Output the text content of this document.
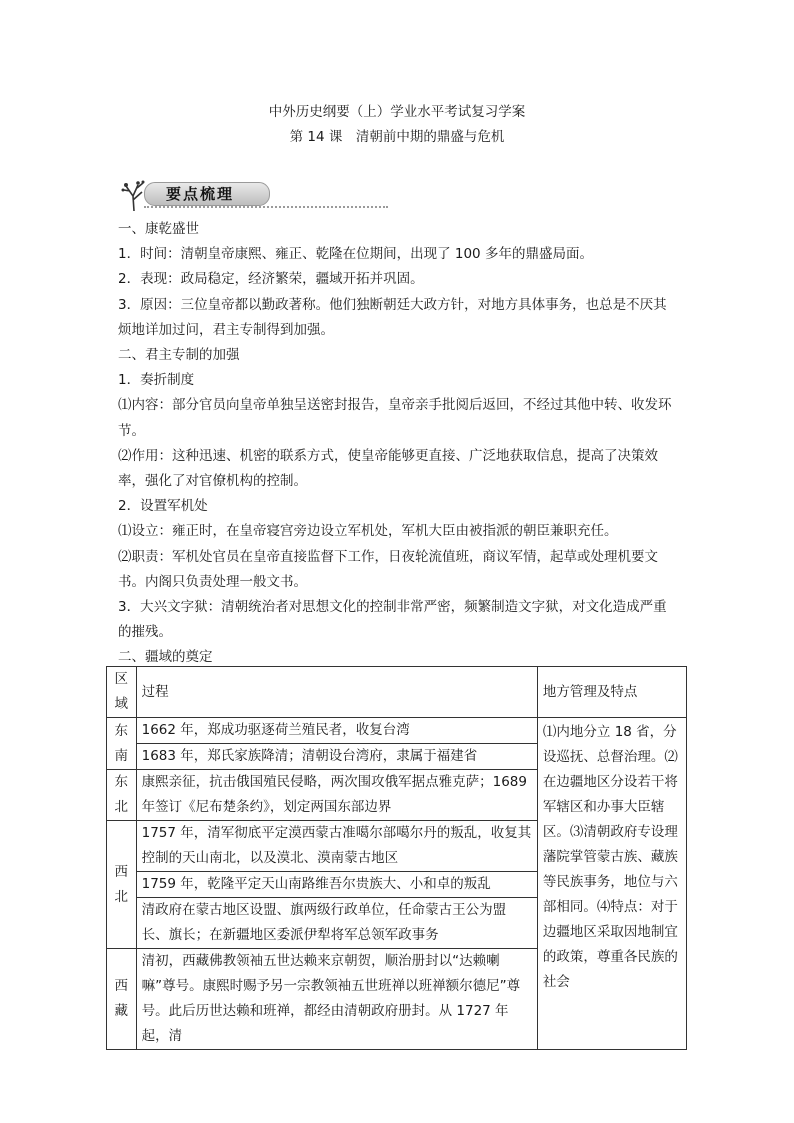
中外历史纲要（上）学业水平考试复习学案
第 14 课　清朝前中期的鼎盛与危机
要点梳理

一、康乾盛世

1．时间：清朝皇帝康熙、雍正、乾隆在位期间，出现了 100 多年的鼎盛局面。

2．表现：政局稳定，经济繁荣，疆域开拓并巩固。

3．原因：三位皇帝都以勤政著称。他们独断朝廷大政方针，对地方具体事务，也总是不厌其烦地详加过问，君主专制得到加强。

二、君主专制的加强

1．奏折制度

⑴内容：部分官员向皇帝单独呈送密封报告，皇帝亲手批阅后返回，不经过其他中转、收发环节。

⑵作用：这种迅速、机密的联系方式，使皇帝能够更直接、广泛地获取信息，提高了决策效率，强化了对官僚机构的控制。

2．设置军机处

⑴设立：雍正时，在皇帝寝宫旁边设立军机处，军机大臣由被指派的朝臣兼职充任。

⑵职责：军机处官员在皇帝直接监督下工作，日夜轮流值班，商议军情，起草或处理机要文书。内阁只负责处理一般文书。

3．大兴文字狱：清朝统治者对思想文化的控制非常严密，频繁制造文字狱，对文化造成严重的摧残。

二、疆域的奠定

区域	过程	地方管理及特点
东南	1662 年，郑成功驱逐荷兰殖民者，收复台湾	⑴内地分立 18 省，分设巡抚、总督治理。⑵在边疆地区分设若干将军辖区和办事大臣辖区。⑶清朝政府专设理藩院掌管蒙古族、藏族等民族事务，地位与六部相同。⑷特点：对于边疆地区采取因地制宜的政策，尊重各民族的社会
	1683 年，郑氏家族降清；清朝设台湾府，隶属于福建省	
东北	康熙亲征，抗击俄国殖民侵略，两次围攻俄军据点雅克萨；1689 年签订《尼布楚条约》，划定两国东部边界	
西北	1757 年，清军彻底平定漠西蒙古准噶尔部噶尔丹的叛乱，收复其控制的天山南北，以及漠北、漠南蒙古地区	
	1759 年，乾隆平定天山南路维吾尔贵族大、小和卓的叛乱	
	清政府在蒙古地区设盟、旗两级行政单位，任命蒙古王公为盟长、旗长；在新疆地区委派伊犁将军总领军政事务	
西藏	清初，西藏佛教领袖五世达赖来京朝贺，顺治册封以“达赖喇嘛”尊号。康熙时赐予另一宗教领袖五世班禅以班禅额尔德尼”尊号。此后历世达赖和班禅，都经由清朝政府册封。从 1727 年起，清	
